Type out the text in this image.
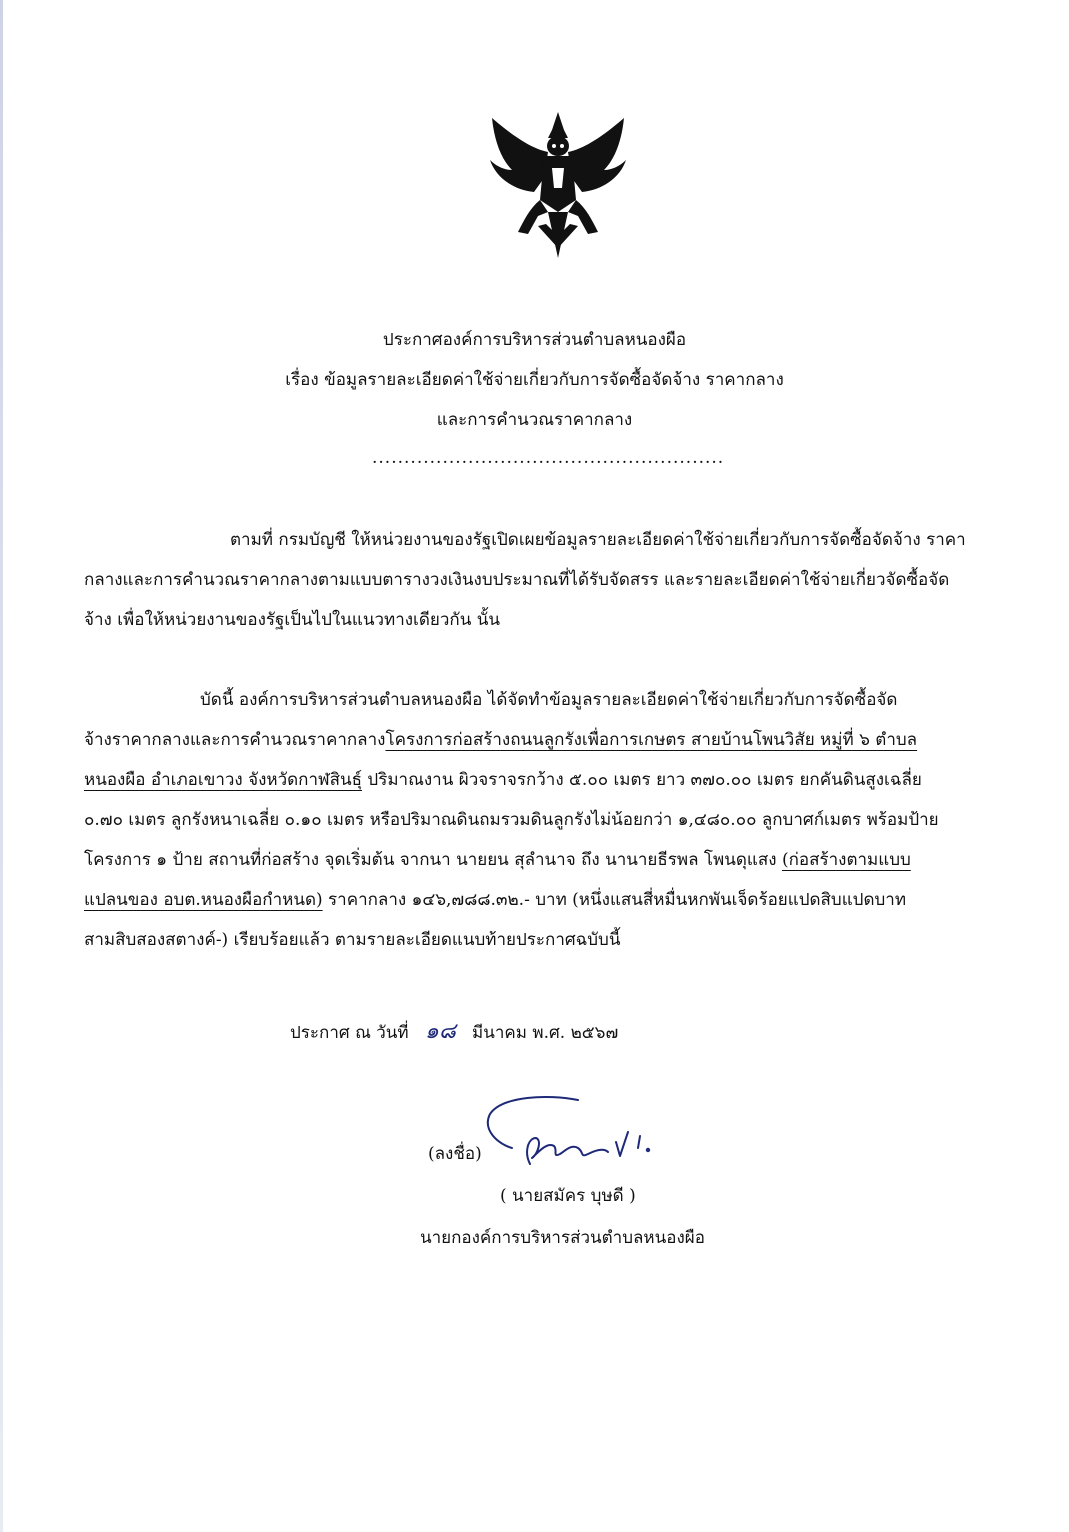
ประกาศองค์การบริหารส่วนตำบลหนองผือ
เรื่อง ข้อมูลรายละเอียดค่าใช้จ่ายเกี่ยวกับการจัดซื้อจัดจ้าง ราคากลาง
และการคำนวณราคากลาง
.......................................................
ตามที่ กรมบัญชี ให้หน่วยงานของรัฐเปิดเผยข้อมูลรายละเอียดค่าใช้จ่ายเกี่ยวกับการจัดซื้อจัดจ้าง ราคา
กลางและการคำนวณราคากลางตามแบบตารางวงเงินงบประมาณที่ได้รับจัดสรร และรายละเอียดค่าใช้จ่ายเกี่ยวจัดซื้อจัด
จ้าง เพื่อให้หน่วยงานของรัฐเป็นไปในแนวทางเดียวกัน นั้น
บัดนี้ องค์การบริหารส่วนตำบลหนองผือ ได้จัดทำข้อมูลรายละเอียดค่าใช้จ่ายเกี่ยวกับการจัดซื้อจัด
จ้างราคากลางและการคำนวณราคากลางโครงการก่อสร้างถนนลูกรังเพื่อการเกษตร สายบ้านโพนวิสัย หมู่ที่ ๖ ตำบล
หนองผือ อำเภอเขาวง จังหวัดกาฬสินธุ์ ปริมาณงาน ผิวจราจรกว้าง ๕.๐๐ เมตร ยาว ๓๗๐.๐๐ เมตร ยกคันดินสูงเฉลี่ย
๐.๗๐ เมตร ลูกรังหนาเฉลี่ย ๐.๑๐ เมตร หรือปริมาณดินถมรวมดินลูกรังไม่น้อยกว่า ๑,๔๘๐.๐๐ ลูกบาศก์เมตร พร้อมป้าย
โครงการ ๑ ป้าย สถานที่ก่อสร้าง จุดเริ่มต้น จากนา นายยน สุลำนาจ ถึง นานายธีรพล โพนดุแสง (ก่อสร้างตามแบบ
แปลนของ อบต.หนองผือกำหนด) ราคากลาง ๑๔๖,๗๘๘.๓๒.- บาท (หนึ่งแสนสี่หมื่นหกพันเจ็ดร้อยแปดสิบแปดบาท
สามสิบสองสตางค์-) เรียบร้อยแล้ว ตามรายละเอียดแนบท้ายประกาศฉบับนี้
ประกาศ ณ วันที่ ๑๘ มีนาคม พ.ศ. ๒๕๖๗
(ลงชื่อ)
( นายสมัคร บุษดี )
นายกองค์การบริหารส่วนตำบลหนองผือ
